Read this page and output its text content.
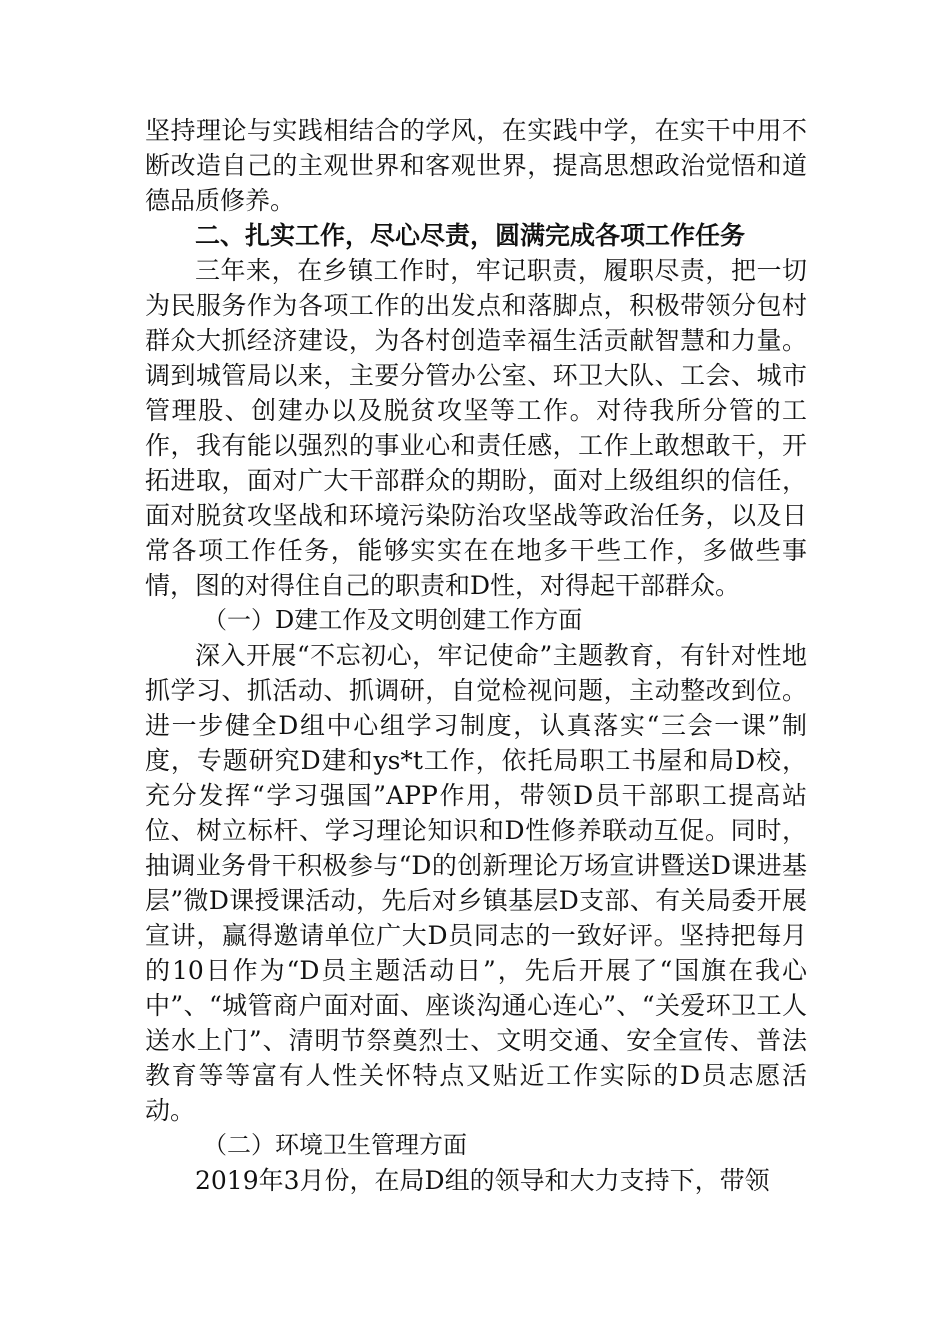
坚持理论与实践相结合的学风，在实践中学，在实干中用不断改造自己的主观世界和客观世界，提高思想政治觉悟和道德品质修养。

二、扎实工作，尽心尽责，圆满完成各项工作任务

三年来，在乡镇工作时，牢记职责，履职尽责，把一切为民服务作为各项工作的出发点和落脚点，积极带领分包村群众大抓经济建设，为各村创造幸福生活贡献智慧和力量。调到城管局以来，主要分管办公室、环卫大队、工会、城市管理股、创建办以及脱贫攻坚等工作。对待我所分管的工作，我有能以强烈的事业心和责任感，工作上敢想敢干，开拓进取，面对广大干部群众的期盼，面对上级组织的信任，面对脱贫攻坚战和环境污染防治攻坚战等政治任务，以及日常各项工作任务，能够实实在在地多干些工作，多做些事情，图的对得住自己的职责和D性，对得起干部群众。

（一）D建工作及文明创建工作方面

深入开展“不忘初心，牢记使命”主题教育，有针对性地抓学习、抓活动、抓调研，自觉检视问题，主动整改到位。进一步健全D组中心组学习制度，认真落实“三会一课”制度，专题研究D建和ys*t工作，依托局职工书屋和局D校，充分发挥“学习强国”APP作用，带领D员干部职工提高站位、树立标杆、学习理论知识和D性修养联动互促。同时，抽调业务骨干积极参与“D的创新理论万场宣讲暨送D课进基层”微D课授课活动，先后对乡镇基层D支部、有关局委开展宣讲，赢得邀请单位广大D员同志的一致好评。坚持把每月的10日作为“D员主题活动日”，先后开展了“国旗在我心中”、“城管商户面对面、座谈沟通心连心”、“关爱环卫工人送水上门”、清明节祭奠烈士、文明交通、安全宣传、普法教育等等富有人性关怀特点又贴近工作实际的D员志愿活动。

（二）环境卫生管理方面

2019年3月份，在局D组的领导和大力支持下，带领
